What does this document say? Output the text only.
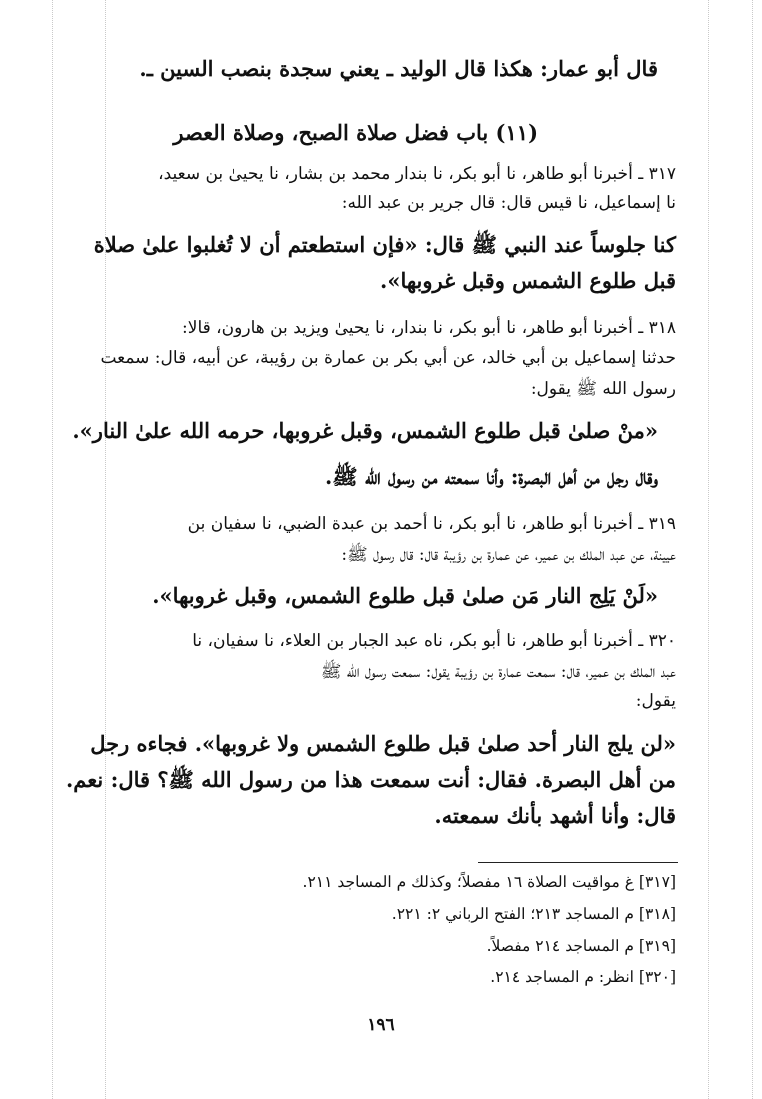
قال أبو عمار: هكذا قال الوليد ـ يعني سجدة بنصب السين ـ.

(١١) باب فضل صلاة الصبح، وصلاة العصر

٣١٧ ـ أخبرنا أبو طاهر، نا أبو بكر، نا بندار محمد بن بشار، نا يحيىٰ بن سعيد،

نا إسماعيل، نا قيس قال: قال جرير بن عبد الله:

كنا جلوساً عند النبي ﷺ قال: «فإن استطعتم أن لا تُغلبوا علىٰ صلاة

قبل طلوع الشمس وقبل غروبها».

٣١٨ ـ أخبرنا أبو طاهر، نا أبو بكر، نا بندار، نا يحيىٰ ويزيد بن هارون، قالا:

حدثنا إسماعيل بن أبي خالد، عن أبي بكر بن عمارة بن رؤيبة، عن أبيه، قال: سمعت

رسول الله ﷺ يقول:

«منْ صلىٰ قبل طلوع الشمس، وقبل غروبها، حرمه الله علىٰ النار».

وقال رجل من أهل البصرة: وأنا سمعته من رسول الله ﷺ.

٣١٩ ـ أخبرنا أبو طاهر، نا أبو بكر، نا أحمد بن عبدة الضبي، نا سفيان بن

عيينة، عن عبد الملك بن عمير، عن عمارة بن رؤيبة قال: قال رسول ﷺ:

«لَنْ يَلِج النار مَن صلىٰ قبل طلوع الشمس، وقبل غروبها».

٣٢٠ ـ أخبرنا أبو طاهر، نا أبو بكر، ناه عبد الجبار بن العلاء، نا سفيان، نا

عبد الملك بن عمير، قال: سمعت عمارة بن رؤيبة يقول: سمعت رسول الله ﷺ

يقول:

«لن يلج النار أحد صلىٰ قبل طلوع الشمس ولا غروبها». فجاءه رجل

من أهل البصرة. فقال: أنت سمعت هذا من رسول الله ﷺ؟ قال: نعم.

قال: وأنا أشهد بأنك سمعته.

[٣١٧] غ مواقيت الصلاة ١٦ مفصلاً؛ وكذلك م المساجد ٢١١.

[٣١٨] م المساجد ٢١٣؛ الفتح الرباني ٢: ٢٢١.

[٣١٩] م المساجد ٢١٤ مفصلاً.

[٣٢٠] انظر: م المساجد ٢١٤.

١٩٦
